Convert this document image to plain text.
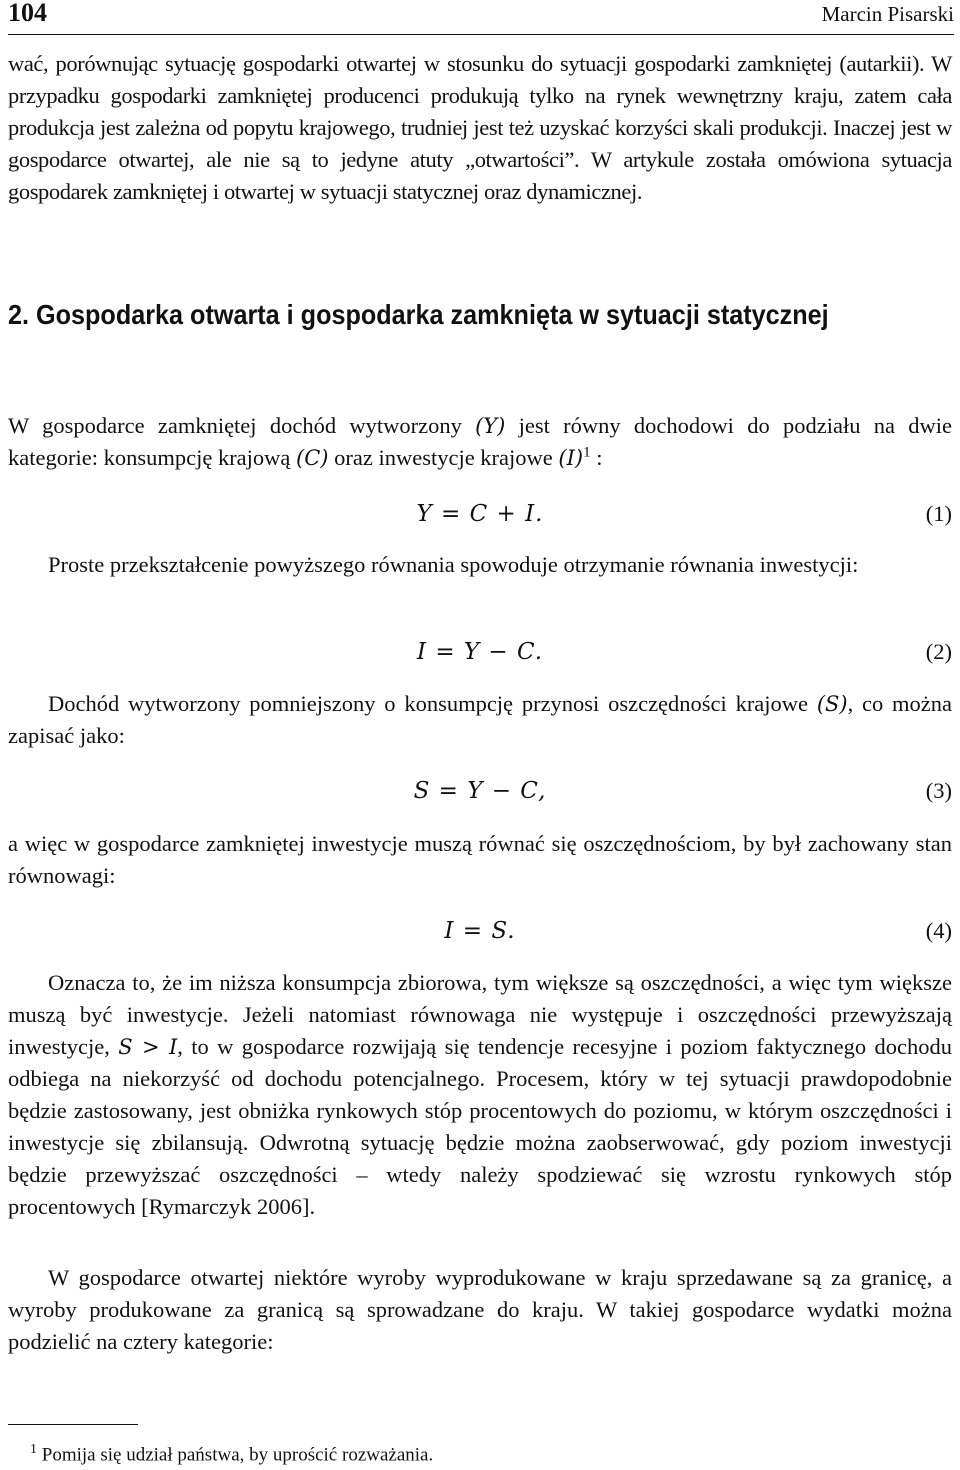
104	Marcin Pisarski

wać, porównując sytuację gospodarki otwartej w stosunku do sytuacji gospodarki zamkniętej (autarkii). W przypadku gospodarki zamkniętej producenci produkują tylko na rynek wewnętrzny kraju, zatem cała produkcja jest zależna od popytu krajowego, trudniej jest też uzyskać korzyści skali produkcji. Inaczej jest w gospodarce otwartej, ale nie są to jedyne atuty „otwartości”. W artykule została omówiona sytuacja gospodarek zamkniętej i otwartej w sytuacji statycznej oraz dynamicznej.

2. Gospodarka otwarta i gospodarka zamknięta w sytuacji statycznej

W gospodarce zamkniętej dochód wytworzony (Y) jest równy dochodowi do podziału na dwie kategorie: konsumpcję krajową (C) oraz inwestycje krajowe (I)$^1$ :

Y = C + I.	(1)

Proste przekształcenie powyższego równania spowoduje otrzymanie równania inwestycji:

I = Y − C.	(2)

Dochód wytworzony pomniejszony o konsumpcję przynosi oszczędności krajowe (S), co można zapisać jako:

S = Y − C,	(3)

a więc w gospodarce zamkniętej inwestycje muszą równać się oszczędnościom, by był zachowany stan równowagi:

I = S.	(4)

Oznacza to, że im niższa konsumpcja zbiorowa, tym większe są oszczędności, a więc tym większe muszą być inwestycje. Jeżeli natomiast równowaga nie występuje i oszczędności przewyższają inwestycje, S > I, to w gospodarce rozwijają się tendencje recesyjne i poziom faktycznego dochodu odbiega na niekorzyść od dochodu potencjalnego. Procesem, który w tej sytuacji prawdopodobnie będzie zastosowany, jest obniżka rynkowych stóp procentowych do poziomu, w którym oszczędności i inwestycje się zbilansują. Odwrotną sytuację będzie można zaobserwować, gdy poziom inwestycji będzie przewyższać oszczędności – wtedy należy spodziewać się wzrostu rynkowych stóp procentowych [Rymarczyk 2006].

W gospodarce otwartej niektóre wyroby wyprodukowane w kraju sprzedawane są za granicę, a wyroby produkowane za granicą są sprowadzane do kraju. W takiej gospodarce wydatki można podzielić na cztery kategorie:

$^1$ Pomija się udział państwa, by uprościć rozważania.
